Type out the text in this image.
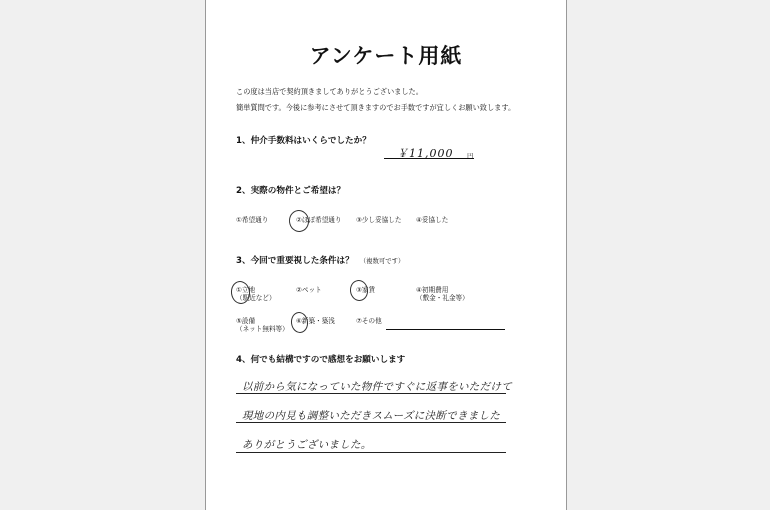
アンケート用紙
この度は当店で契約頂きましてありがとうございました。
簡単質問です。今後に参考にさせて頂きますのでお手数ですが宜しくお願い致します。
1、仲介手数料はいくらでしたか？
￥11,000 円
2、実際の物件とご希望は？
①希望通り	②ほぼ希望通り ③少し妥協した ④妥協した
3、今回で重要視した条件は？ （複数可です）
①立地
（駅近など）
②ペット	③家賃	④初期費用
（敷金・礼金等）
⑤設備
（ネット無料等）
⑥新築・築浅	⑦その他
4、何でも結構ですので感想をお願いします
以前から気になっていた物件ですぐに返事をいただけて
現地の内見も調整いただきスムーズに決断できました
ありがとうございました。
